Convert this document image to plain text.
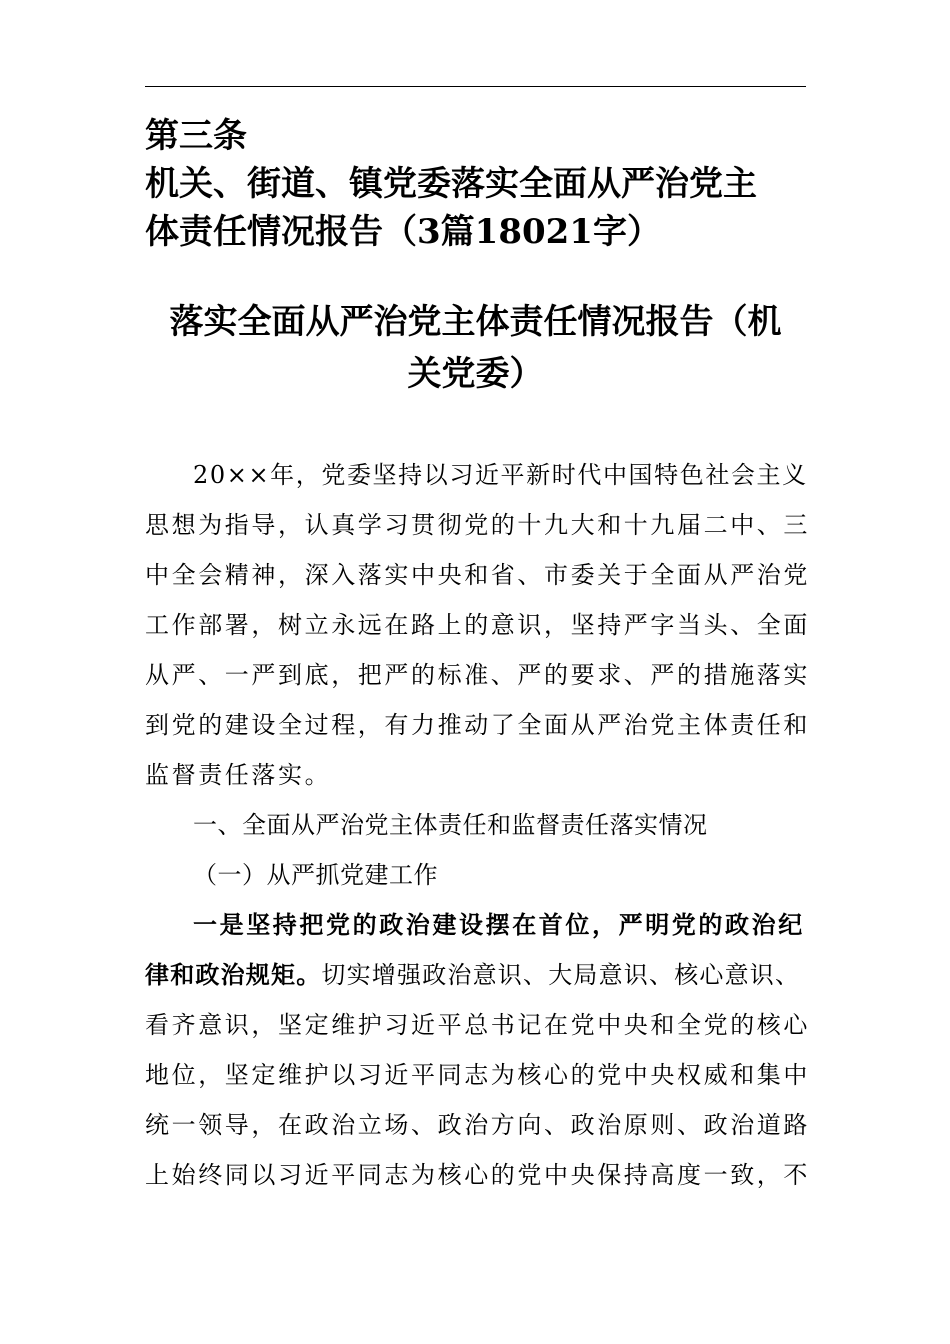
第三条
机关、街道、镇党委落实全面从严治党主
体责任情况报告（3篇18021字）
落实全面从严治党主体责任情况报告（机
关党委）
20××年，党委坚持以习近平新时代中国特色社会主义
思想为指导，认真学习贯彻党的十九大和十九届二中、三
中全会精神，深入落实中央和省、市委关于全面从严治党
工作部署，树立永远在路上的意识，坚持严字当头、全面
从严、一严到底，把严的标准、严的要求、严的措施落实
到党的建设全过程，有力推动了全面从严治党主体责任和
监督责任落实。
一、全面从严治党主体责任和监督责任落实情况
（一）从严抓党建工作
一是坚持把党的政治建设摆在首位，严明党的政治纪
律和政治规矩。切实增强政治意识、大局意识、核心意识、
看齐意识，坚定维护习近平总书记在党中央和全党的核心
地位，坚定维护以习近平同志为核心的党中央权威和集中
统一领导，在政治立场、政治方向、政治原则、政治道路
上始终同以习近平同志为核心的党中央保持高度一致，不
